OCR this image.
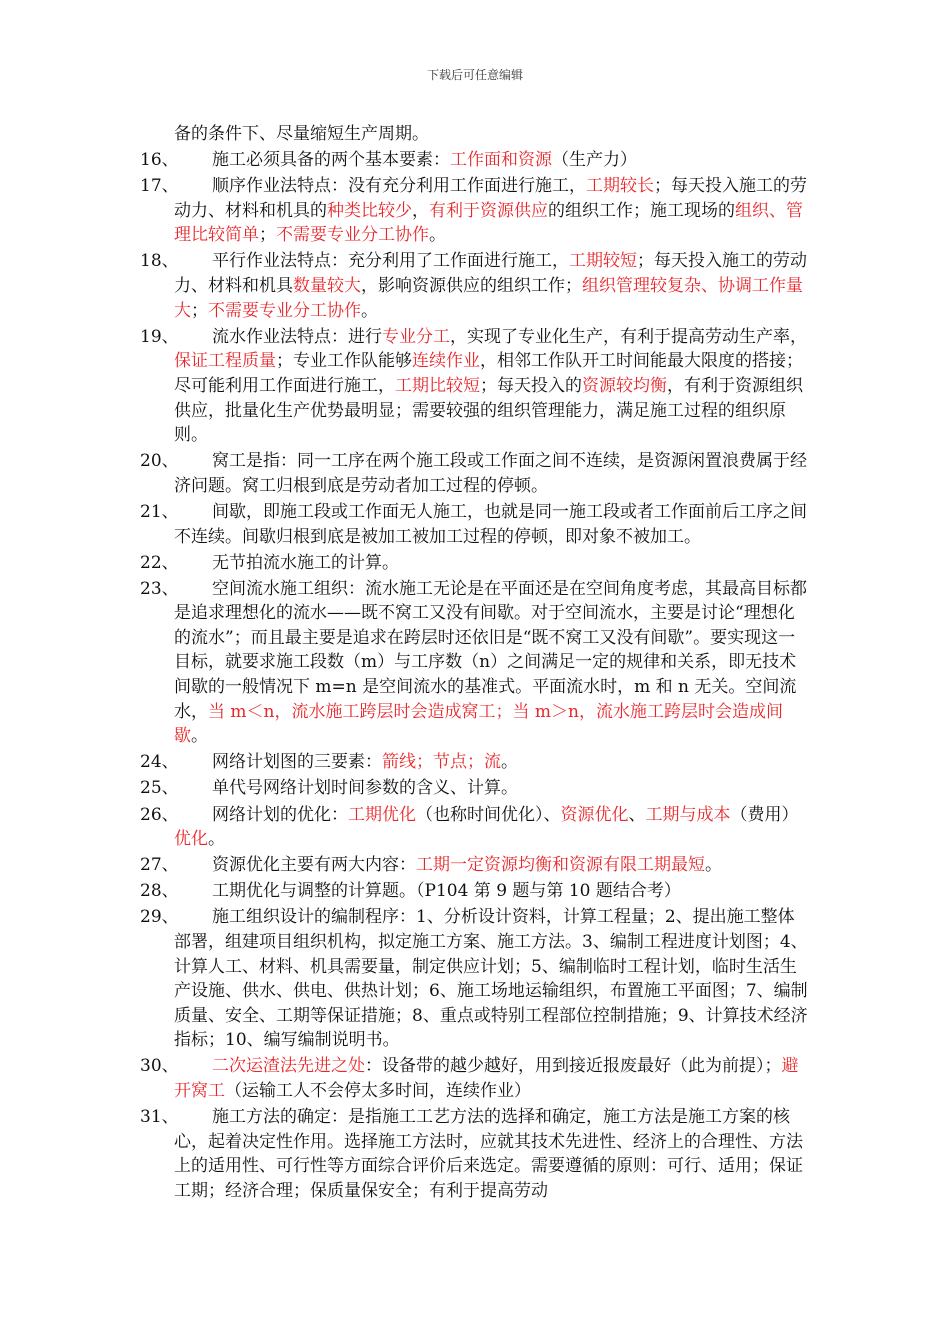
下载后可任意编辑

备的条件下、尽量缩短生产周期。

16、	施工必须具备的两个基本要素：工作面和资源（生产力）

17、	顺序作业法特点：没有充分利用工作面进行施工，工期较长；每天投入施工的劳动力、材料和机具的种类比较少，有利于资源供应的组织工作；施工现场的组织、管理比较简单；不需要专业分工协作。

18、	平行作业法特点：充分利用了工作面进行施工，工期较短；每天投入施工的劳动力、材料和机具数量较大，影响资源供应的组织工作；组织管理较复杂、协调工作量大；不需要专业分工协作。

19、	流水作业法特点：进行专业分工，实现了专业化生产，有利于提高劳动生产率，保证工程质量；专业工作队能够连续作业，相邻工作队开工时间能最大限度的搭接；尽可能利用工作面进行施工，工期比较短；每天投入的资源较均衡，有利于资源组织供应，批量化生产优势最明显；需要较强的组织管理能力，满足施工过程的组织原则。

20、	窝工是指：同一工序在两个施工段或工作面之间不连续，是资源闲置浪费属于经济问题。窝工归根到底是劳动者加工过程的停顿。

21、	间歇，即施工段或工作面无人施工，也就是同一施工段或者工作面前后工序之间不连续。间歇归根到底是被加工被加工过程的停顿，即对象不被加工。

22、	无节拍流水施工的计算。

23、	空间流水施工组织：流水施工无论是在平面还是在空间角度考虑，其最高目标都是追求理想化的流水——既不窝工又没有间歇。对于空间流水，主要是讨论“理想化的流水”；而且最主要是追求在跨层时还依旧是“既不窝工又没有间歇”。要实现这一目标，就要求施工段数（m）与工序数（n）之间满足一定的规律和关系，即无技术间歇的一般情况下 m=n 是空间流水的基准式。平面流水时，m 和 n 无关。空间流水，当 m＜n，流水施工跨层时会造成窝工；当 m＞n，流水施工跨层时会造成间歇。

24、	网络计划图的三要素：箭线；节点；流。

25、	单代号网络计划时间参数的含义、计算。

26、	网络计划的优化：工期优化（也称时间优化）、资源优化、工期与成本（费用）优化。

27、	资源优化主要有两大内容：工期一定资源均衡和资源有限工期最短。

28、	工期优化与调整的计算题。（P104 第 9 题与第 10 题结合考）

29、	施工组织设计的编制程序：1、分析设计资料，计算工程量；2、提出施工整体部署，组建项目组织机构，拟定施工方案、施工方法。3、编制工程进度计划图；4、计算人工、材料、机具需要量，制定供应计划；5、编制临时工程计划，临时生活生产设施、供水、供电、供热计划；6、施工场地运输组织，布置施工平面图；7、编制质量、安全、工期等保证措施；8、重点或特别工程部位控制措施；9、计算技术经济指标；10、编写编制说明书。

30、	二次运渣法先进之处：设备带的越少越好，用到接近报废最好（此为前提）；避开窝工（运输工人不会停太多时间，连续作业）

31、	施工方法的确定：是指施工工艺方法的选择和确定，施工方法是施工方案的核心，起着决定性作用。选择施工方法时，应就其技术先进性、经济上的合理性、方法上的适用性、可行性等方面综合评价后来选定。需要遵循的原则：可行、适用；保证工期；经济合理；保质量保安全；有利于提高劳动
